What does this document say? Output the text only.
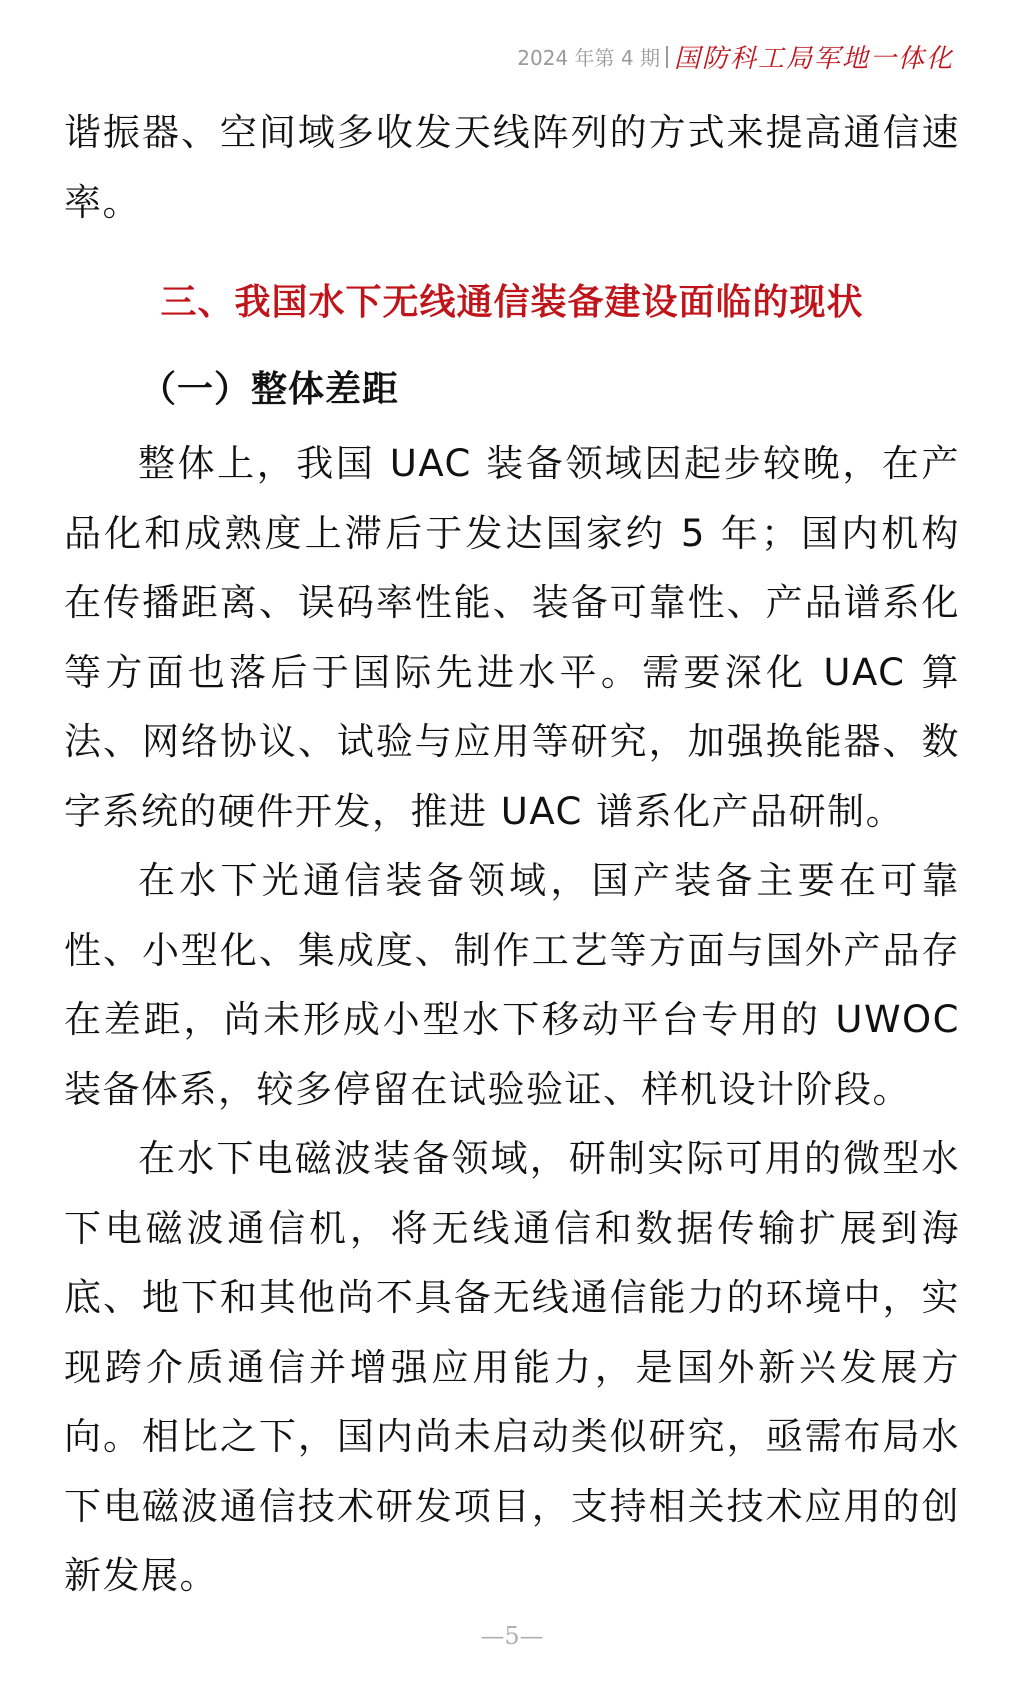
2024 年第 4 期 国防科工局军地一体化

谐振器、空间域多收发天线阵列的方式来提高通信速率。

三、我国水下无线通信装备建设面临的现状
（一）整体差距

整体上，我国 UAC 装备领域因起步较晚，在产品化和成熟度上滞后于发达国家约 5 年；国内机构在传播距离、误码率性能、装备可靠性、产品谱系化等方面也落后于国际先进水平。需要深化 UAC 算法、网络协议、试验与应用等研究，加强换能器、数字系统的硬件开发，推进 UAC 谱系化产品研制。

在水下光通信装备领域，国产装备主要在可靠性、小型化、集成度、制作工艺等方面与国外产品存在差距，尚未形成小型水下移动平台专用的 UWOC 装备体系，较多停留在试验验证、样机设计阶段。

在水下电磁波装备领域，研制实际可用的微型水下电磁波通信机，将无线通信和数据传输扩展到海底、地下和其他尚不具备无线通信能力的环境中，实现跨介质通信并增强应用能力，是国外新兴发展方向。相比之下，国内尚未启动类似研究，亟需布局水下电磁波通信技术研发项目，支持相关技术应用的创新发展。

—5—
